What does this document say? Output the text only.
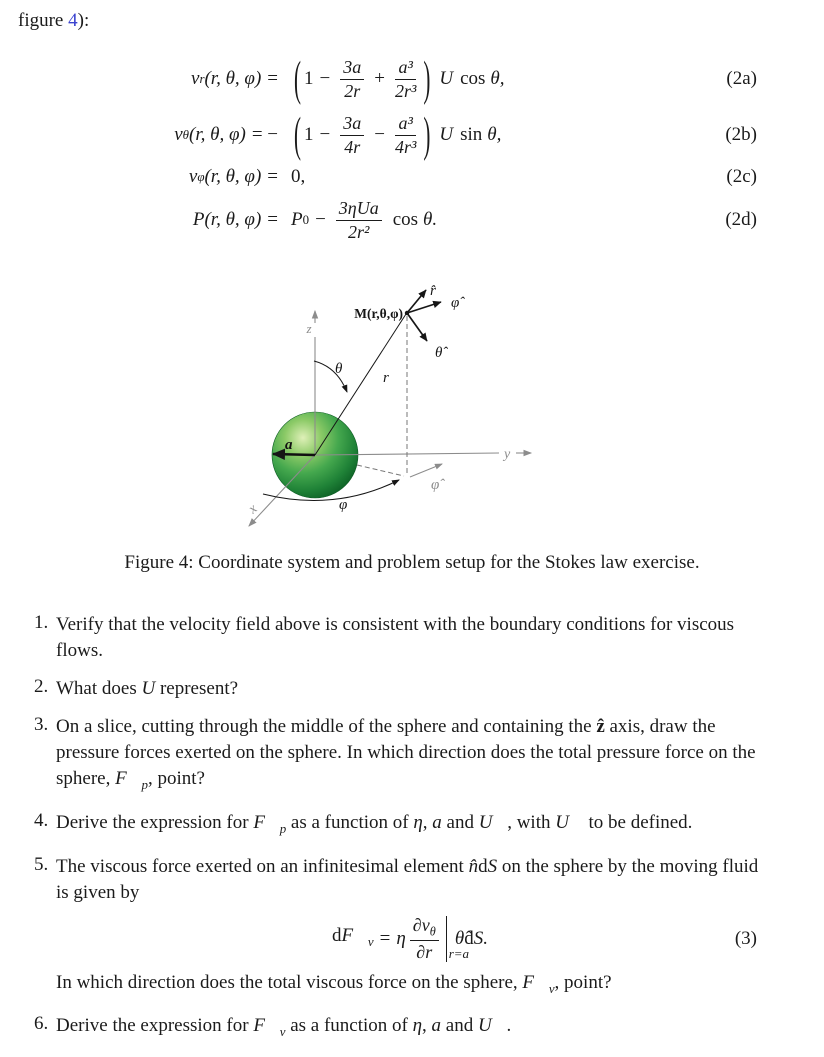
figure 4):
v r (r, θ, φ) = ( $1 - \frac{3a}{2r} + \frac{\text{a³}}{\text{2r³}}$ ) U cos θ,	(2a)
v θ (r, θ, φ) = − ( $1 - \frac{3a}{4r} - \frac{\text{a³}}{\text{4r³}}$ ) U sin θ,	(2b)
v φ (r, θ, φ) = 0,	(2c)
P (r, θ, φ) = P $0 - \frac{\text{3ηUa}}{\text{2r²}}$ cos θ.	(2d)
z
y
x
M(r,θ,φ)
r
θ
φ
a
r̂
φ̂
θ̂
φ̂
Figure 4: Coordinate system and problem setup for the Stokes law exercise.
1. Verify that the velocity field above is consistent with the boundary conditions for viscous flows.
2. What does U represent?
3. On a slice, cutting through the middle of the sphere and containing the ẑ axis, draw the pressure forces exerted on the sphere. In which direction does the total pressure force on the sphere, $F⃗_p$, point?
4. Derive the expression for $F⃗_p$ as a function of η, a and U⃗, with U⃗ to be defined.
5. The viscous force exerted on an infinitesimal element n̂dS on the sphere by the moving fluid is given by
$dF⃗_v = \eta \frac{\partial v_\theta}{\partial r} r=a$
θ̂ d S.	(3)
In which direction does the total viscous force on the sphere, $F⃗_v$, point?
6. Derive the expression for $F⃗_v$ as a function of η, a and U⃗.
